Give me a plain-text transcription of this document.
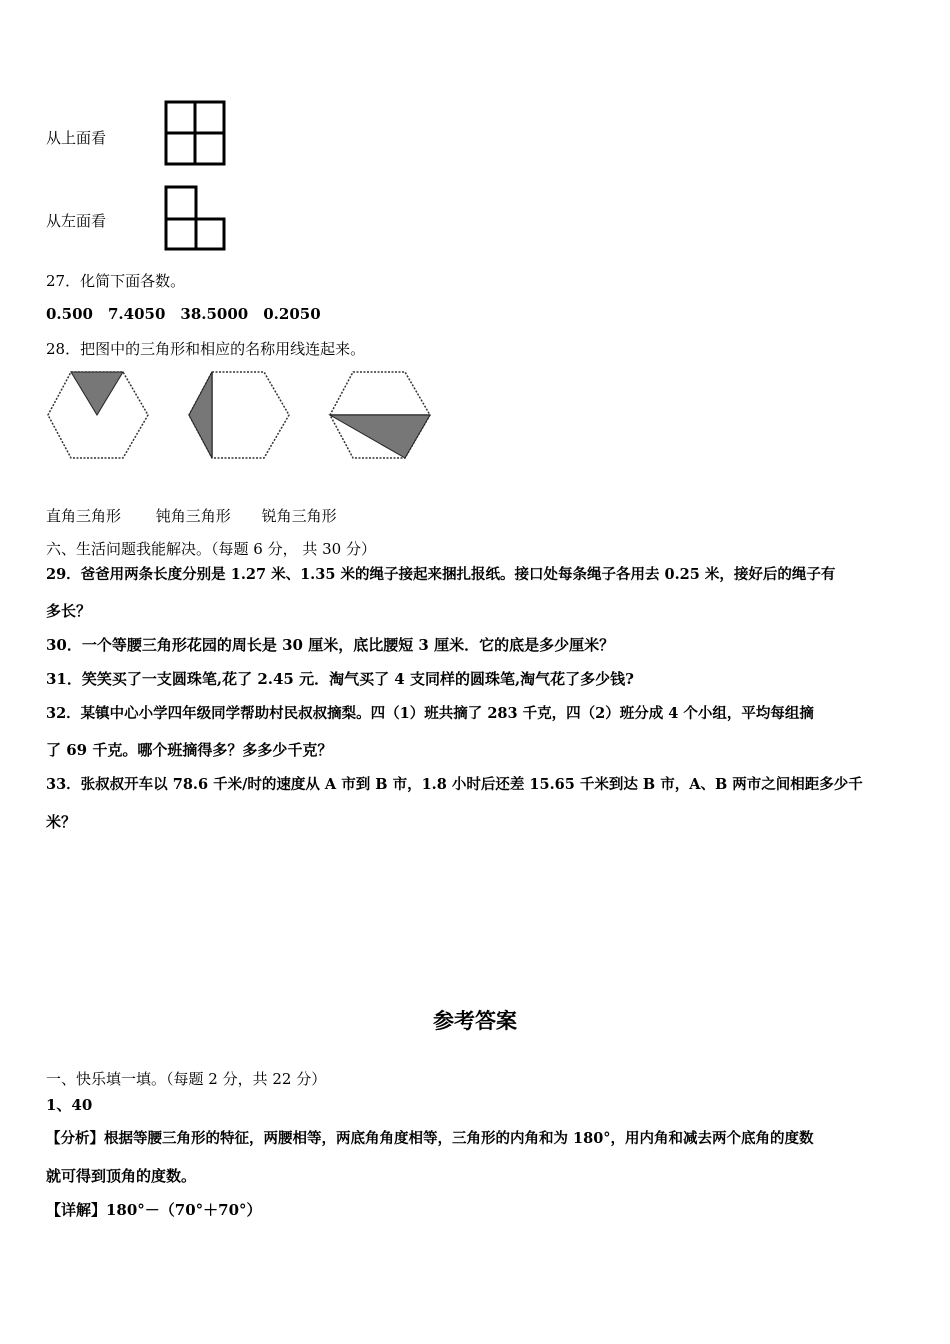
从上面看
从左面看
27．化简下面各数。
0.500　7.4050　38.5000　0.2050
28．把图中的三角形和相应的名称用线连起来。
直角三角形 钝角三角形 锐角三角形
六、生活问题我能解决。（每题 6 分， 共 30 分）
29．爸爸用两条长度分别是 1.27 米、1.35 米的绳子接起来捆扎报纸。接口处每条绳子各用去 0.25 米，接好后的绳子有
多长？
30．一个等腰三角形花园的周长是 30 厘米，底比腰短 3 厘米．它的底是多少厘米？
31．笑笑买了一支圆珠笔,花了 2.45 元．淘气买了 4 支同样的圆珠笔,淘气花了多少钱?
32．某镇中心小学四年级同学帮助村民叔叔摘梨。四（1）班共摘了 283 千克，四（2）班分成 4 个小组，平均每组摘
了 69 千克。哪个班摘得多？多多少千克？
33．张叔叔开车以 78.6 千米/时的速度从 A 市到 B 市，1.8 小时后还差 15.65 千米到达 B 市，A、B 两市之间相距多少千
米？
参考答案
一、快乐填一填。（每题 2 分，共 22 分）
1、40
【分析】根据等腰三角形的特征，两腰相等，两底角角度相等，三角形的内角和为 180°，用内角和减去两个底角的度数
就可得到顶角的度数。
【详解】180°－（70°＋70°）
